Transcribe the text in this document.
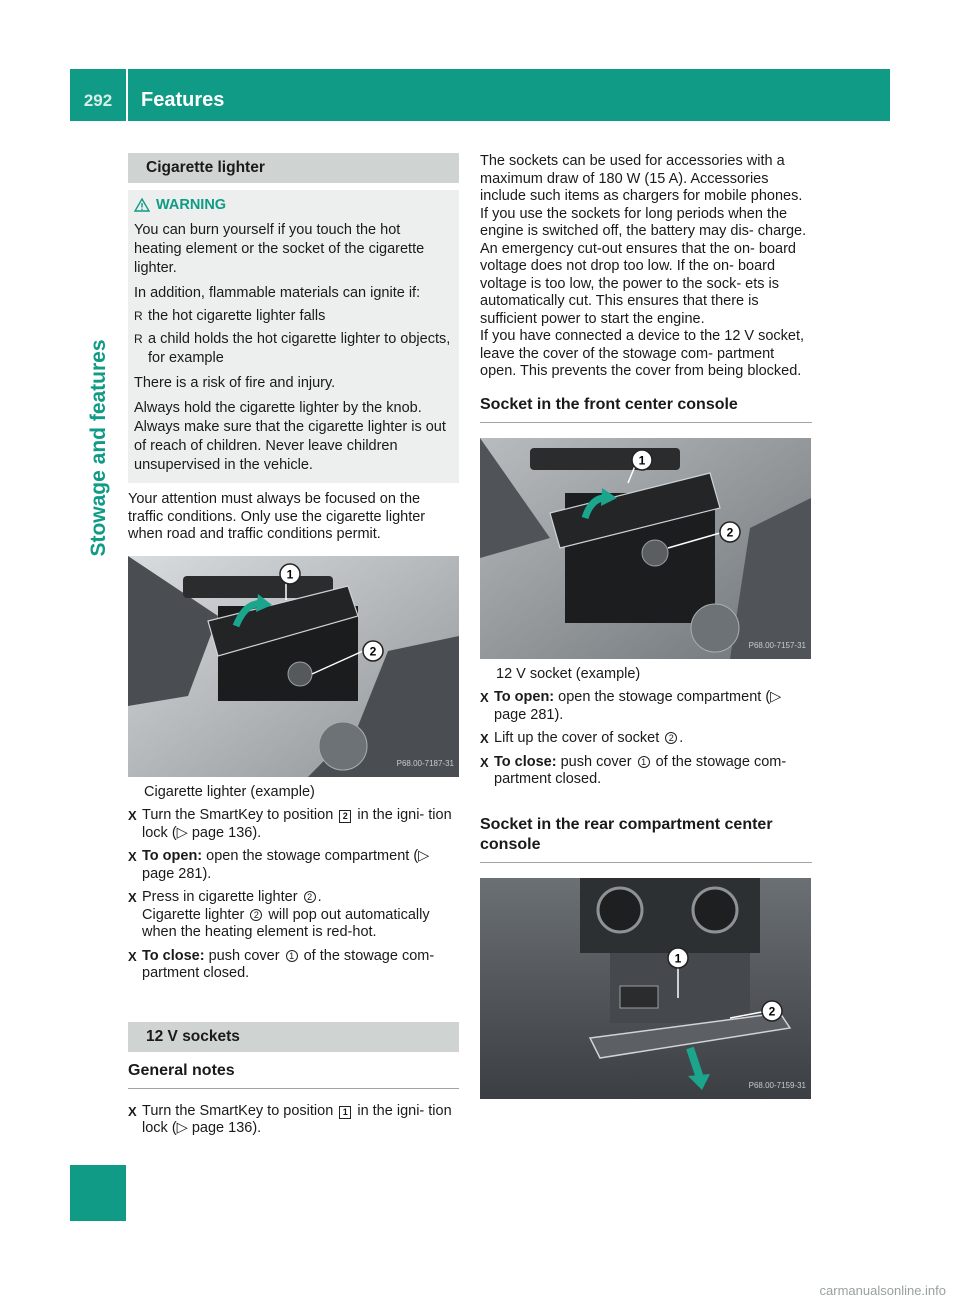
292	Features
Stowage and features
Cigarette lighter
WARNING

You can burn yourself if you touch the hot heating element or the socket of the cigarette lighter.

In addition, flammable materials can ignite if:

R the hot cigarette lighter falls
R a child holds the hot cigarette lighter to objects, for example

There is a risk of fire and injury.

Always hold the cigarette lighter by the knob. Always make sure that the cigarette lighter is out of reach of children. Never leave children unsupervised in the vehicle.

Your attention must always be focused on the traffic conditions. Only use the cigarette lighter when road and traffic conditions permit.

1
2
P68.00-7187-31
Cigarette lighter (example)
X Turn the SmartKey to position 2 in the igni- tion lock (▷ page 136).
X To open: open the stowage compartment (▷ page 281).
X Press in cigarette lighter 2 .
Cigarette lighter 2 will pop out automatically when the heating element is red-hot.
X To close: push cover 1 of the stowage com- partment closed.
12 V sockets
General notes
X Turn the SmartKey to position 1 in the igni- tion lock (▷ page 136).

The sockets can be used for accessories with a maximum draw of 180 W (15 A). Accessories include such items as chargers for mobile phones.

If you use the sockets for long periods when the engine is switched off, the battery may dis- charge.

An emergency cut-out ensures that the on- board voltage does not drop too low. If the on- board voltage is too low, the power to the sock- ets is automatically cut. This ensures that there is sufficient power to start the engine.

If you have connected a device to the 12 V socket, leave the cover of the stowage com- partment open. This prevents the cover from being blocked.

Socket in the front center console
1
2
P68.00-7157-31
12 V socket (example)
X To open: open the stowage compartment (▷ page 281).
X Lift up the cover of socket 2 .
X To close: push cover 1 of the stowage com- partment closed.
Socket in the rear compartment center console
1
2
P68.00-7159-31
carmanualsonline.info
